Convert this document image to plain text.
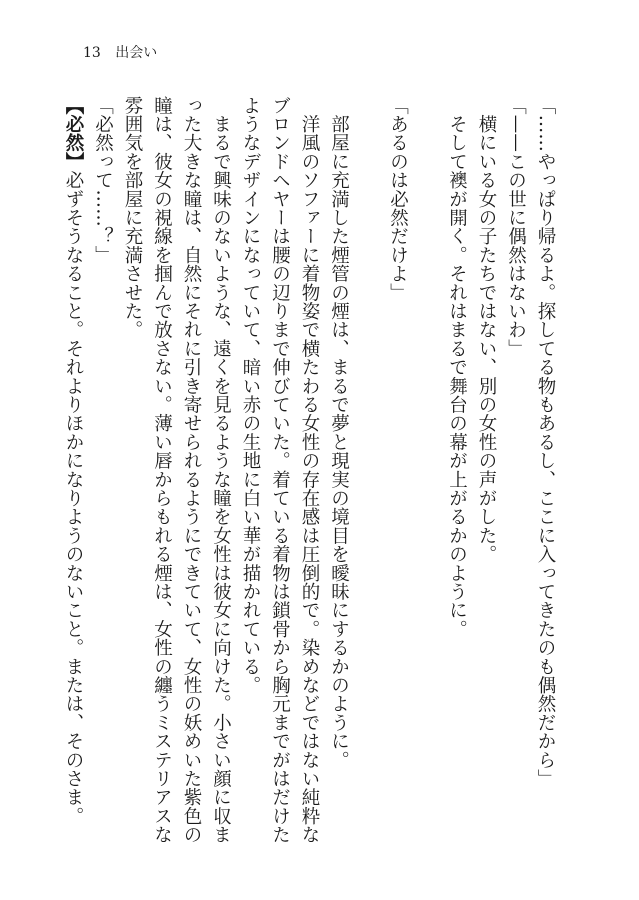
13 出会い
「……やっぱり帰るよ。探してる物もあるし、ここに入ってきたのも偶然だから」
「——この世に偶然はないわ」
　横にいる女の子たちではない、別の女性の声がした。
　そして襖が開く。それはまるで舞台の幕が上がるかのように。
「あるのは必然だけよ」
　部屋に充満した煙管の煙は、まるで夢と現実の境目を曖昧にするかのように。
　洋風のソファーに着物姿で横たわる女性の存在感は圧倒的で。染めなどではない純粋な
ブロンドヘヤーは腰の辺りまで伸びていた。着ている着物は鎖骨から胸元までがはだけた
ようなデザインになっていて、暗い赤の生地に白い華が描かれている。
　まるで興味のないような、遠くを見るような瞳を女性は彼女に向けた。小さい顔に収ま
った大きな瞳は、自然にそれに引き寄せられるようにできていて、女性の妖めいた紫色の
瞳は、彼女の視線を掴んで放さない。薄い唇からもれる煙は、女性の纏うミステリアスな
雰囲気を部屋に充満させた。
「必然って……？」
【必然】必ずそうなること。それよりほかになりようのないこと。または、そのさま。
